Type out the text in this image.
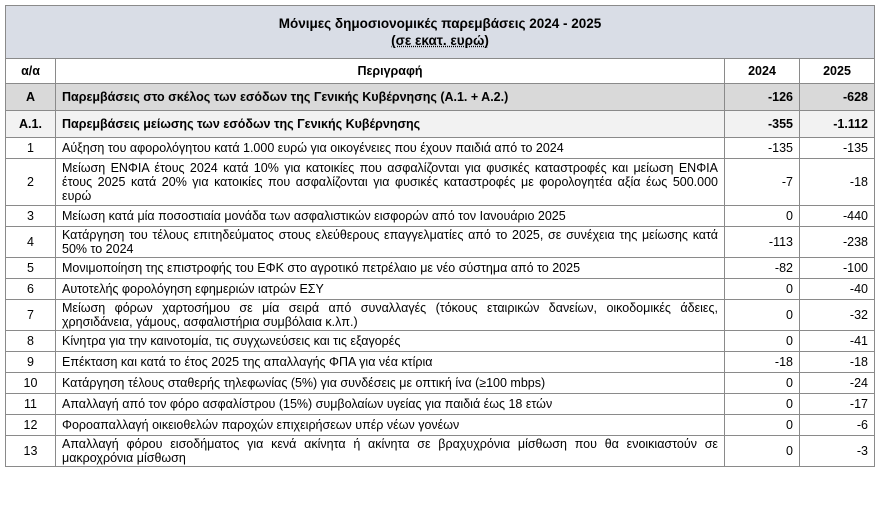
Μόνιμες δημοσιονομικές παρεμβάσεις 2024 - 2025
(σε εκατ. ευρώ)			

α/α	Περιγραφή	2024	2025
A	Παρεμβάσεις στο σκέλος των εσόδων της Γενικής Κυβέρνησης (Α.1. + Α.2.)	-126	-628
A.1.	Παρεμβάσεις μείωσης των εσόδων της Γενικής Κυβέρνησης	-355	-1.112
1	Αύξηση του αφορολόγητου κατά 1.000 ευρώ για οικογένειες που έχουν παιδιά από το 2024	-135	-135
2	Μείωση ΕΝΦΙΑ έτους 2024 κατά 10% για κατοικίες που ασφαλίζονται για φυσικές καταστροφές και μείωση ΕΝΦΙΑ έτους 2025 κατά 20% για κατοικίες που ασφαλίζονται για φυσικές καταστροφές με φορολογητέα αξία έως 500.000 ευρώ	-7	-18
3	Μείωση κατά μία ποσοστιαία μονάδα των ασφαλιστικών εισφορών από τον Ιανουάριο 2025	0	-440
4	Κατάργηση του τέλους επιτηδεύματος στους ελεύθερους επαγγελματίες από το 2025, σε συνέχεια της μείωσης κατά 50% το 2024	-113	-238
5	Μονιμοποίηση της επιστροφής του ΕΦΚ στο αγροτικό πετρέλαιο με νέο σύστημα από το 2025	-82	-100
6	Αυτοτελής φορολόγηση εφημεριών ιατρών ΕΣΥ	0	-40
7	Μείωση φόρων χαρτοσήμου σε μία σειρά από συναλλαγές (τόκους εταιρικών δανείων, οικοδομικές άδειες, χρησιδάνεια, γάμους, ασφαλιστήρια συμβόλαια κ.λπ.)	0	-32
8	Κίνητρα για την καινοτομία, τις συγχωνεύσεις και τις εξαγορές	0	-41
9	Επέκταση και κατά το έτος 2025 της απαλλαγής ΦΠΑ για νέα κτίρια	-18	-18
10	Κατάργηση τέλους σταθερής τηλεφωνίας (5%) για συνδέσεις με οπτική ίνα (≥100 mbps)	0	-24
11	Απαλλαγή από τον φόρο ασφαλίστρου (15%) συμβολαίων υγείας για παιδιά έως 18 ετών	0	-17
12	Φοροαπαλλαγή οικειοθελών παροχών επιχειρήσεων υπέρ νέων γονέων	0	-6
13	Απαλλαγή φόρου εισοδήματος για κενά ακίνητα ή ακίνητα σε βραχυχρόνια μίσθωση που θα ενοικιαστούν σε μακροχρόνια μίσθωση	0	-3
